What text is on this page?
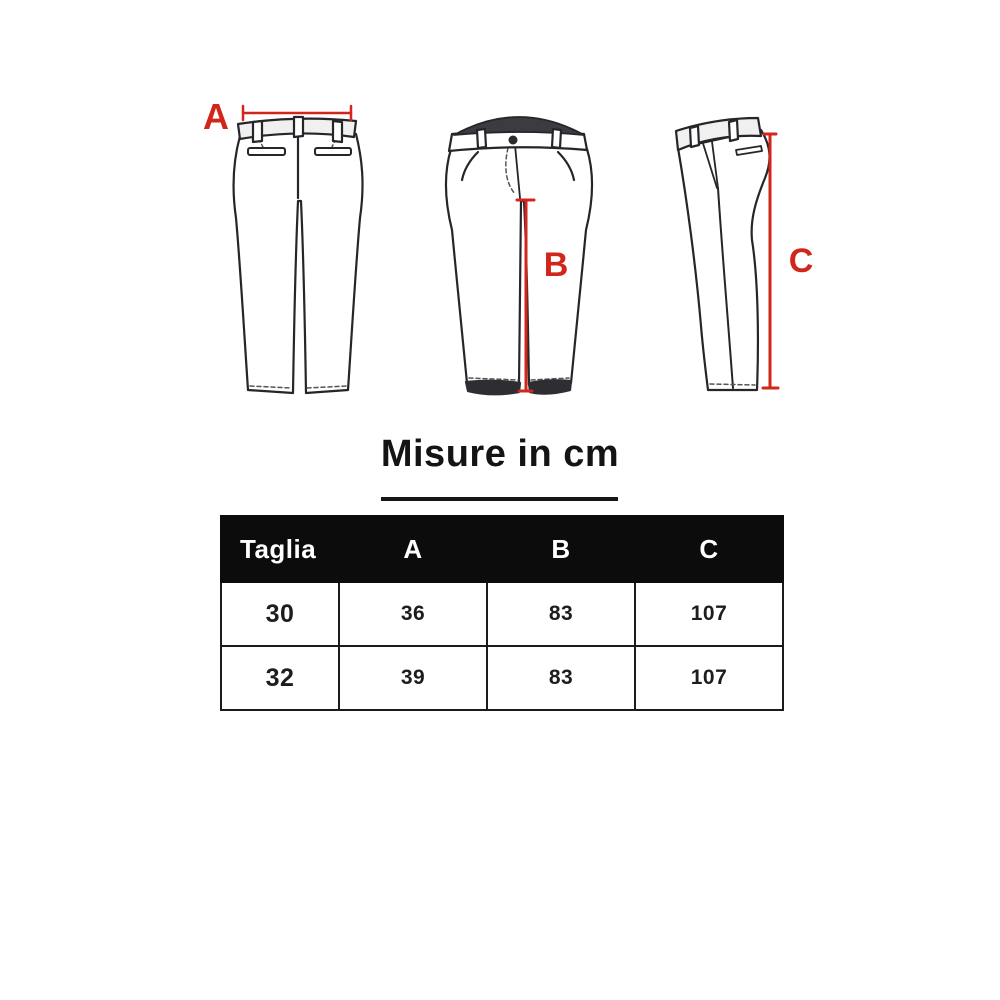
A
B	C
Misure in cm
Taglia	A	B	C
30	36	83	107
32	39	83	107
